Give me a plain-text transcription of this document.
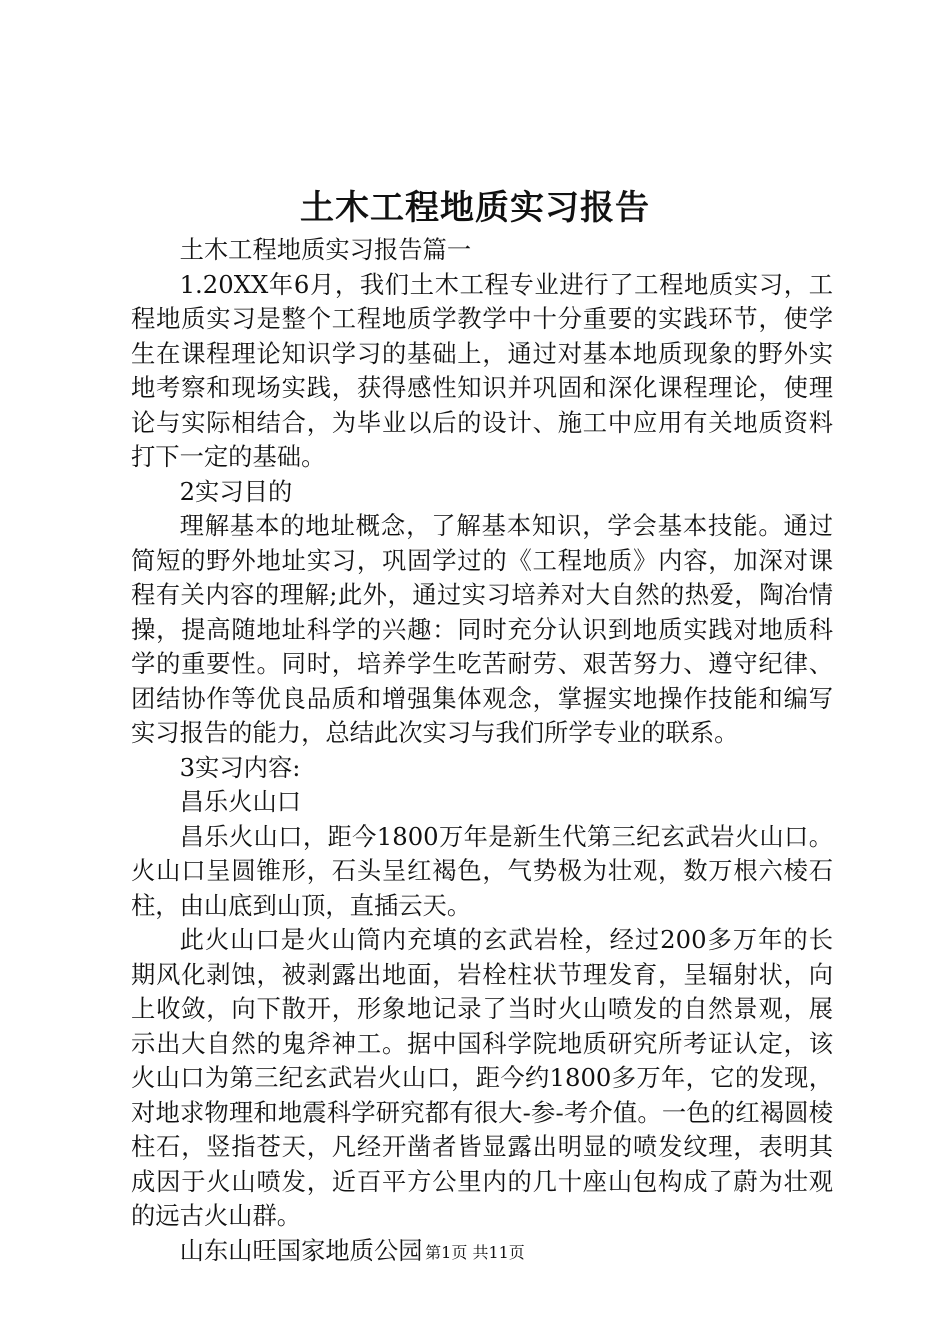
土木工程地质实习报告

土木工程地质实习报告篇一

1.20XX年6月，我们土木工程专业进行了工程地质实习，工程地质实习是整个工程地质学教学中十分重要的实践环节，使学生在课程理论知识学习的基础上，通过对基本地质现象的野外实地考察和现场实践，获得感性知识并巩固和深化课程理论，使理论与实际相结合，为毕业以后的设计、施工中应用有关地质资料打下一定的基础。

2实习目的

理解基本的地址概念，了解基本知识，学会基本技能。通过简短的野外地址实习，巩固学过的《工程地质》内容，加深对课程有关内容的理解;此外，通过实习培养对大自然的热爱，陶冶情操，提高随地址科学的兴趣：同时充分认识到地质实践对地质科学的重要性。同时，培养学生吃苦耐劳、艰苦努力、遵守纪律、团结协作等优良品质和增强集体观念，掌握实地操作技能和编写实习报告的能力，总结此次实习与我们所学专业的联系。

3实习内容:

昌乐火山口

昌乐火山口，距今1800万年是新生代第三纪玄武岩火山口。火山口呈圆锥形，石头呈红褐色，气势极为壮观，数万根六棱石柱，由山底到山顶，直插云天。

此火山口是火山筒内充填的玄武岩栓，经过200多万年的长期风化剥蚀，被剥露出地面，岩栓柱状节理发育，呈辐射状，向上收敛，向下散开，形象地记录了当时火山喷发的自然景观，展示出大自然的鬼斧神工。据中国科学院地质研究所考证认定，该火山口为第三纪玄武岩火山口，距今约1800多万年，它的发现，对地求物理和地震科学研究都有很大-参-考介值。一色的红褐圆棱柱石，竖指苍天，凡经开凿者皆显露出明显的喷发纹理，表明其成因于火山喷发，近百平方公里内的几十座山包构成了蔚为壮观的远古火山群。

山东山旺国家地质公园 第1页 共11页
